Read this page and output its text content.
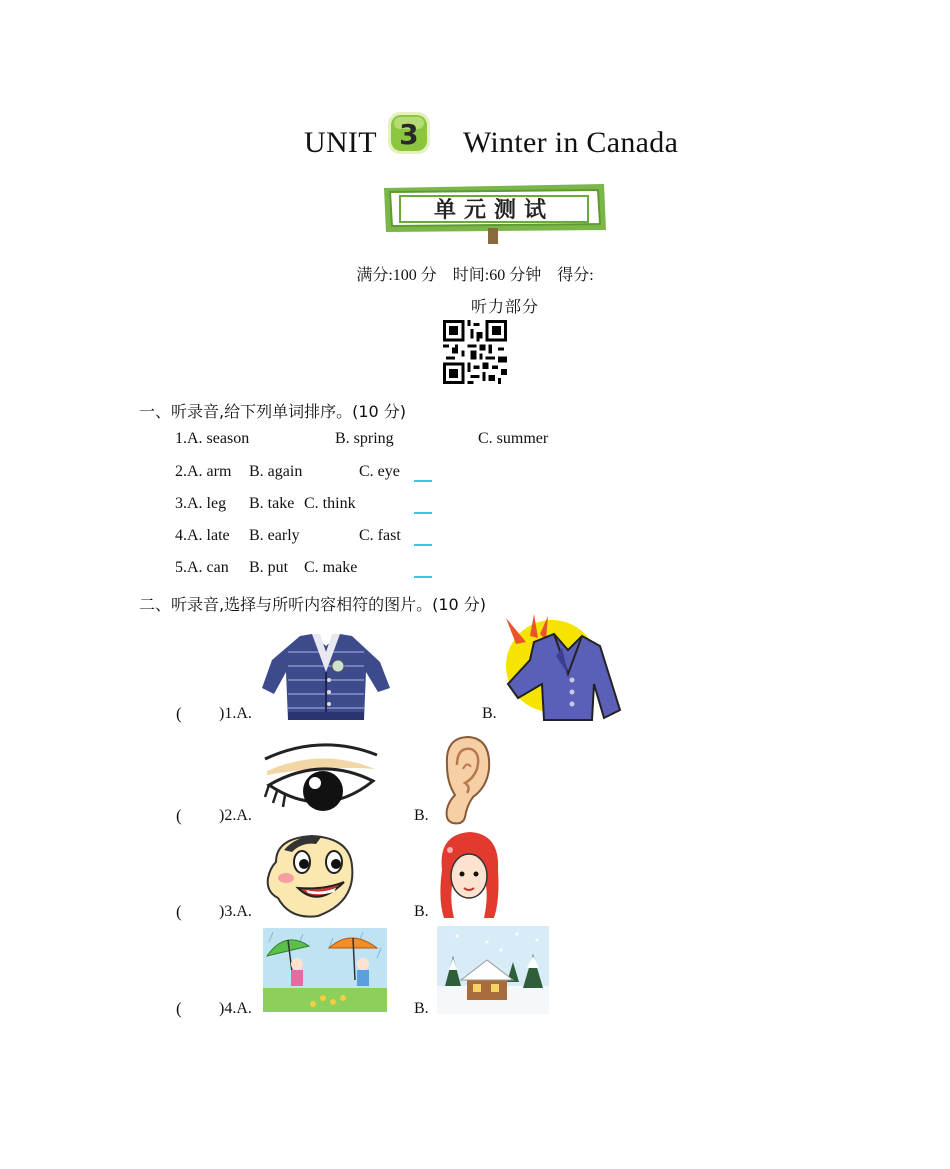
UNIT 3 Winter in Canada
单元测试
满分:100 分 时间:60 分钟 得分:
听力部分
一、听录音,给下列单词排序。(10 分)
1.A. season	B. spring	C. summer
2.A. arm B. again	C. eye
3.A. leg B. take C. think
4.A. late B. early	C. fast
5.A. can B. put C. make
二、听录音,选择与所听内容相符的图片。(10 分)
( )1.A.	B.
( )2.A.	B.
( )3.A.	B.
( )4.A.	B.
